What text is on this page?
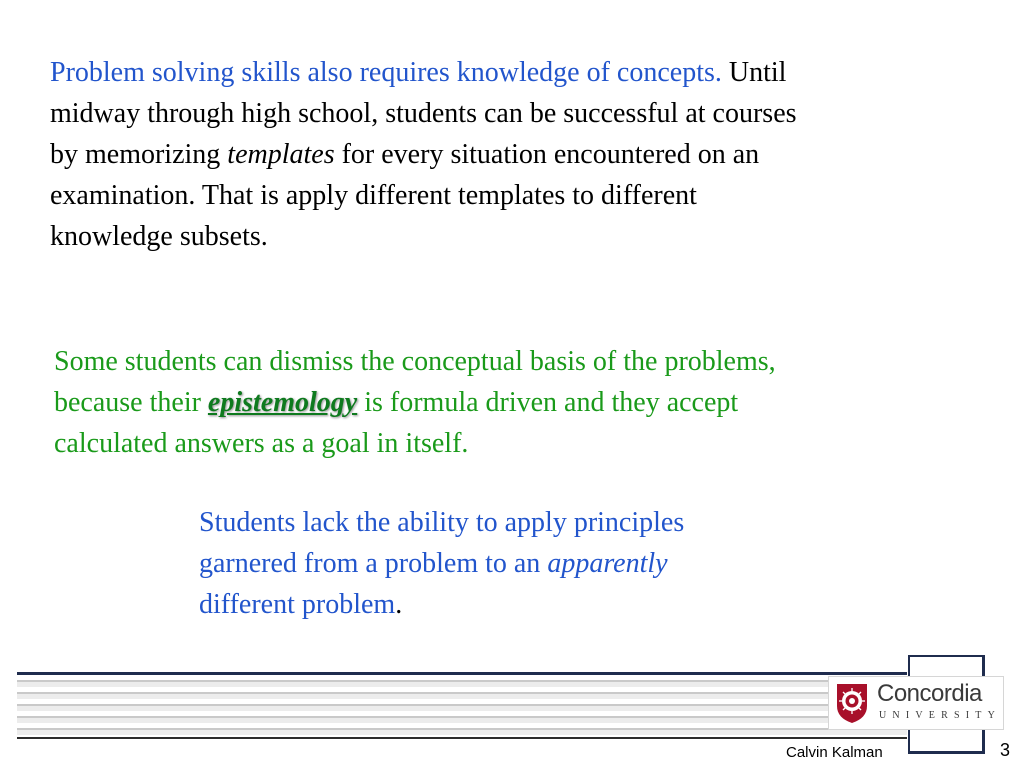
Problem solving skills also requires knowledge of concepts. Until
midway through high school, students can be successful at courses
by memorizing templates for every situation encountered on an
examination. That is apply different templates to different
knowledge subsets.

Some students can dismiss the conceptual basis of the problems,
because their epistemology is formula driven and they accept
calculated answers as a goal in itself.

Students lack the ability to apply principles
garnered from a problem to an apparently
different problem.

Concordia
UNIVERSITY
Calvin Kalman	3
